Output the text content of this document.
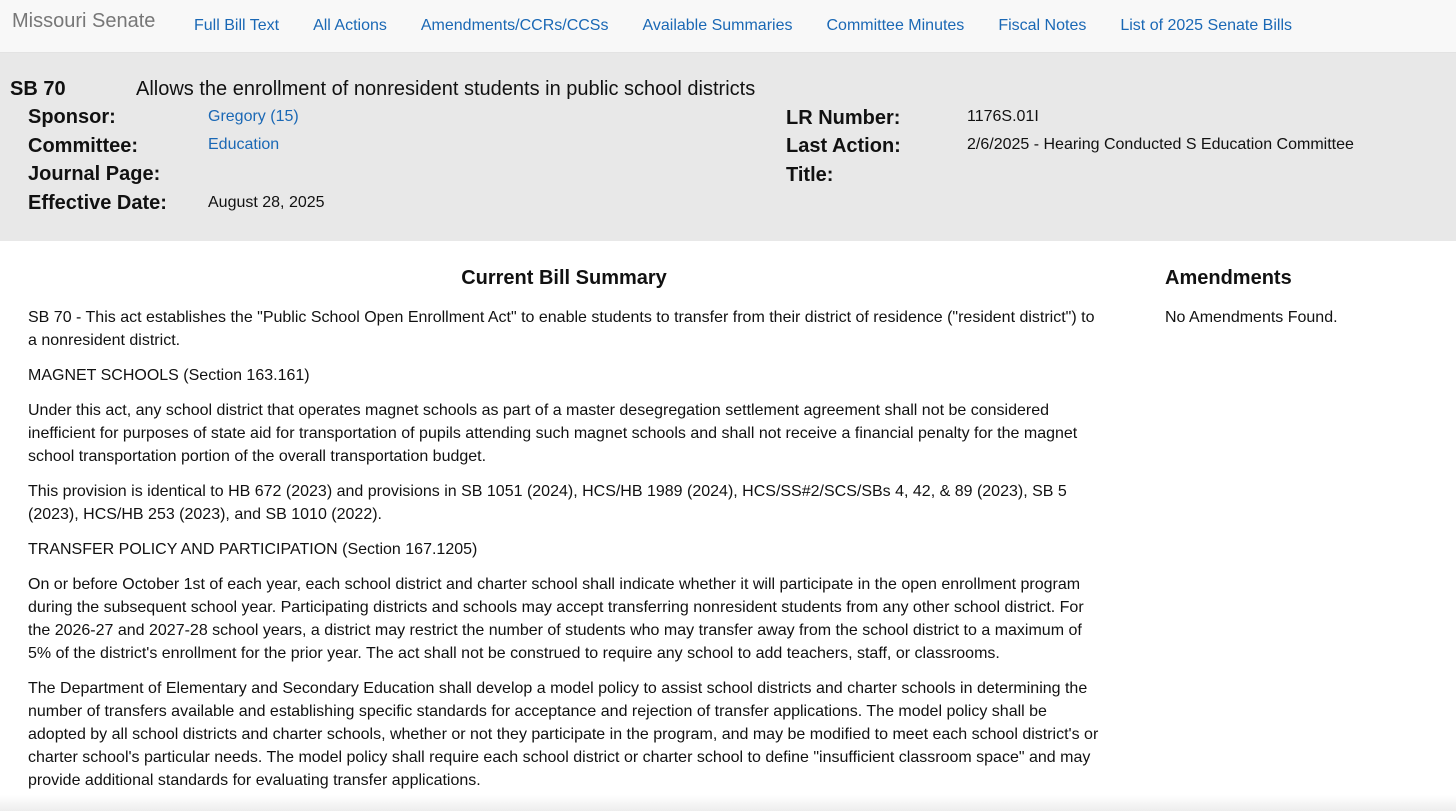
Missouri Senate	Full Bill Text	All Actions	Amendments/CCRs/CCSs	Available Summaries	Committee Minutes	Fiscal Notes	List of 2025 Senate Bills
SB 70	Allows the enrollment of nonresident students in public school districts
Sponsor:	Gregory (15)
Committee:	Education
Journal Page:
Effective Date:	August 28, 2025
LR Number:	1176S.01I
Last Action:	2/6/2025 - Hearing Conducted S Education Committee
Title:
Current Bill Summary

SB 70 - This act establishes the "Public School Open Enrollment Act" to enable students to transfer from their district of residence ("resident district") to a nonresident district.

MAGNET SCHOOLS (Section 163.161)

Under this act, any school district that operates magnet schools as part of a master desegregation settlement agreement shall not be considered inefficient for purposes of state aid for transportation of pupils attending such magnet schools and shall not receive a financial penalty for the magnet school transportation portion of the overall transportation budget.

This provision is identical to HB 672 (2023) and provisions in SB 1051 (2024), HCS/HB 1989 (2024), HCS/SS#2/SCS/SBs 4, 42, & 89 (2023), SB 5 (2023), HCS/HB 253 (2023), and SB 1010 (2022).

TRANSFER POLICY AND PARTICIPATION (Section 167.1205)

On or before October 1st of each year, each school district and charter school shall indicate whether it will participate in the open enrollment program during the subsequent school year. Participating districts and schools may accept transferring nonresident students from any other school district. For the 2026-27 and 2027-28 school years, a district may restrict the number of students who may transfer away from the school district to a maximum of 5% of the district's enrollment for the prior year. The act shall not be construed to require any school to add teachers, staff, or classrooms.

The Department of Elementary and Secondary Education shall develop a model policy to assist school districts and charter schools in determining the number of transfers available and establishing specific standards for acceptance and rejection of transfer applications. The model policy shall be adopted by all school districts and charter schools, whether or not they participate in the program, and may be modified to meet each school district's or charter school's particular needs. The model policy shall require each school district or charter school to define "insufficient classroom space" and may provide additional standards for evaluating transfer applications.

Amendments
No Amendments Found.
